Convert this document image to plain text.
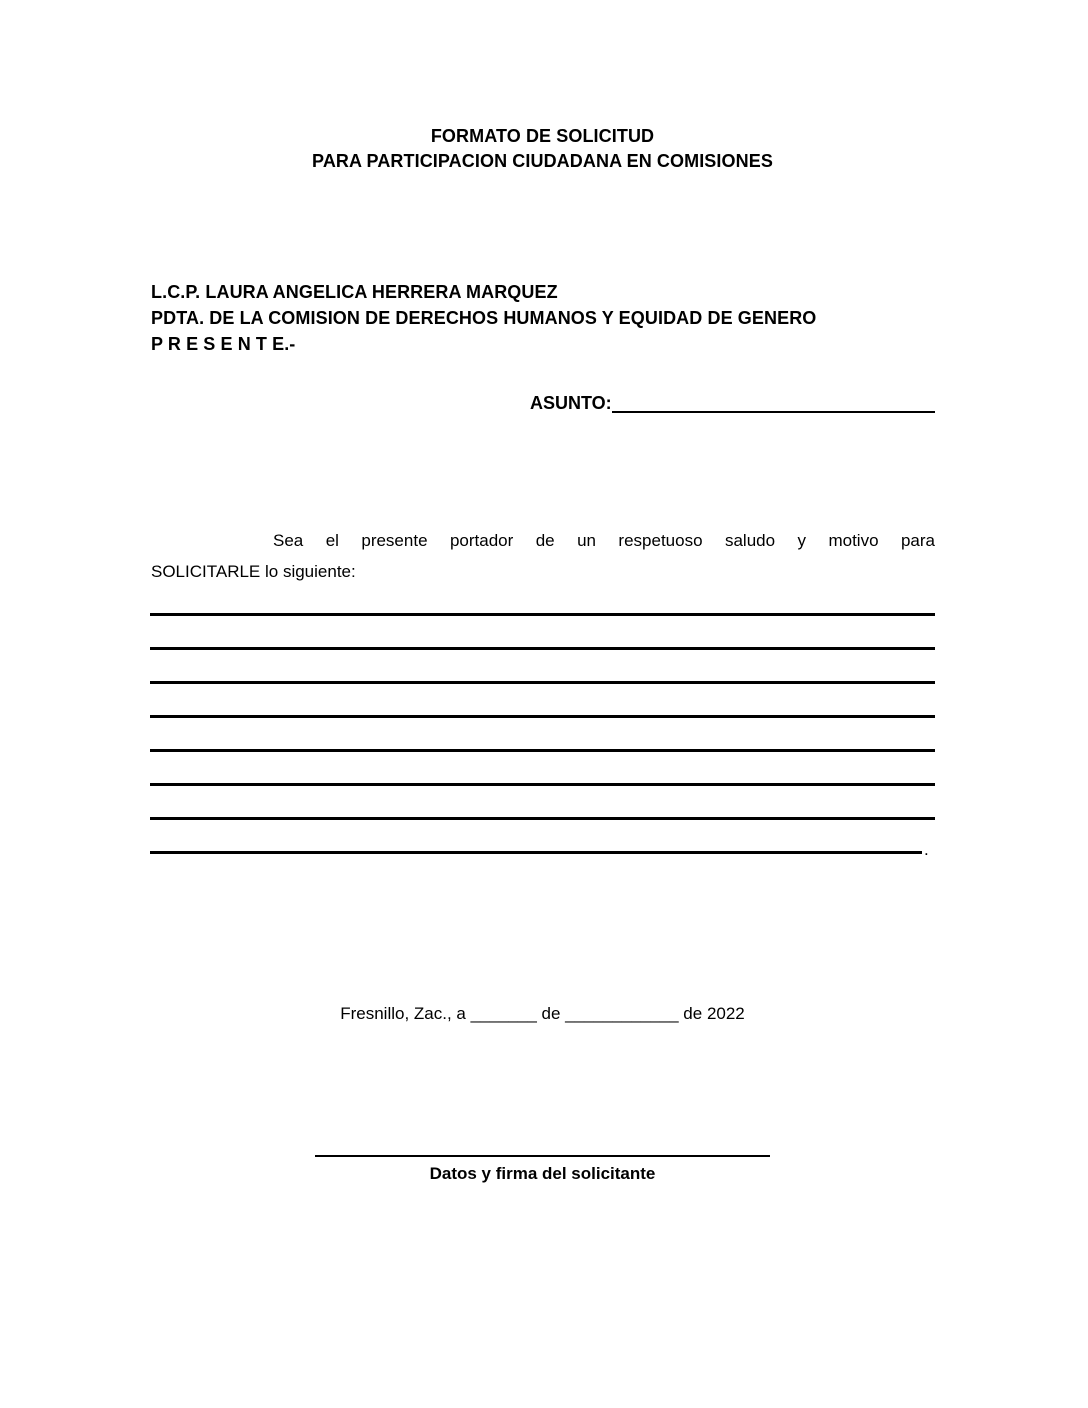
FORMATO DE SOLICITUD
PARA PARTICIPACION CIUDADANA EN COMISIONES
L.C.P. LAURA ANGELICA HERRERA MARQUEZ
PDTA. DE LA COMISION DE DERECHOS HUMANOS Y EQUIDAD DE GENERO
P R E S E N T E.-
ASUNTO:
Sea el presente portador de un respetuoso saludo y motivo para
SOLICITARLE lo siguiente:
.
Fresnillo, Zac., a _______ de ____________ de 2022
Datos y firma del solicitante
